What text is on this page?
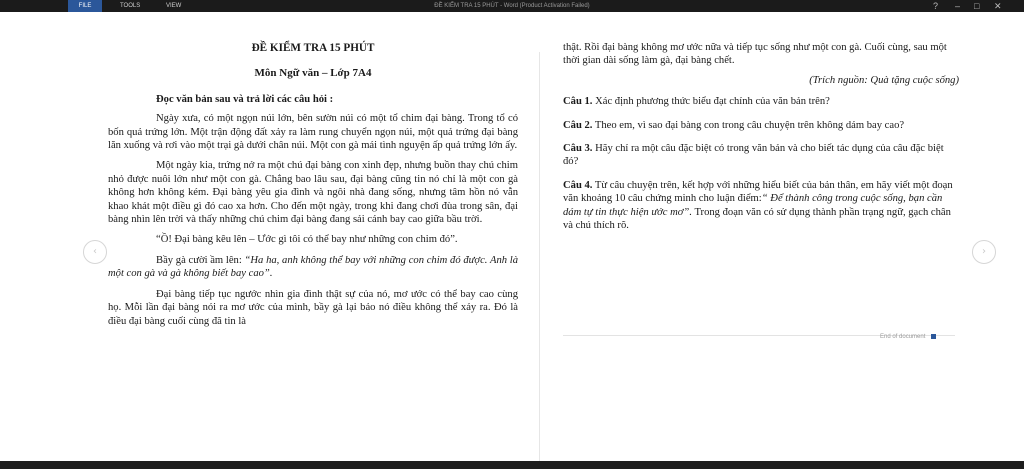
FILE	TOOLS	VIEW	ĐỀ KIỂM TRA 15 PHÚT - Word (Product Activation Failed)	? – □ ✕
ĐỀ KIỂM TRA 15 PHÚT
Môn Ngữ văn – Lớp 7A4
Đọc văn bản sau và trả lời các câu hỏi :
Ngày xưa, có một ngọn núi lớn, bên sườn núi có một tổ chim đại bàng. Trong tổ có bốn quả trứng lớn. Một trận động đất xảy ra làm rung chuyển ngọn núi, một quả trứng đại bàng lăn xuống và rơi vào một trại gà dưới chân núi. Một con gà mái tình nguyện ấp quả trứng lớn ấy.
Một ngày kia, trứng nở ra một chú đại bàng con xinh đẹp, nhưng buồn thay chú chim nhỏ được nuôi lớn như một con gà. Chẳng bao lâu sau, đại bàng cũng tin nó chỉ là một con gà không hơn không kém. Đại bàng yêu gia đình và ngôi nhà đang sống, nhưng tâm hồn nó vẫn khao khát một điều gì đó cao xa hơn. Cho đến một ngày, trong khi đang chơi đùa trong sân, đại bàng nhìn lên trời và thấy những chú chim đại bàng đang sải cánh bay cao giữa bầu trời.
“Ồ! Đại bàng kêu lên – Ước gì tôi có thể bay như những con chim đó”.
Bầy gà cười ầm lên: “Ha ha, anh không thể bay với những con chim đó được. Anh là một con gà và gà không biết bay cao”.
Đại bàng tiếp tục ngước nhìn gia đình thật sự của nó, mơ ước có thể bay cao cùng họ. Mỗi lần đại bàng nói ra mơ ước của mình, bầy gà lại bảo nó điều không thể xảy ra. Đó là điều đại bàng cuối cùng đã tin là
thật. Rồi đại bàng không mơ ước nữa và tiếp tục sống như một con gà. Cuối cùng, sau một thời gian dài sống làm gà, đại bàng chết.
(Trích nguồn: Quà tặng cuộc sống)
Câu 1. Xác định phương thức biểu đạt chính của văn bản trên?
Câu 2. Theo em, vì sao đại bàng con trong câu chuyện trên không dám bay cao?
Câu 3. Hãy chỉ ra một câu đặc biệt có trong văn bản và cho biết tác dụng của câu đặc biệt đó?
Câu 4. Từ câu chuyện trên, kết hợp với những hiểu biết của bản thân, em hãy viết một đoạn văn khoảng 10 câu chứng minh cho luận điểm:“ Để thành công trong cuộc sống, bạn cần dám tự tin thực hiện ước mơ”. Trong đoạn văn có sử dụng thành phần trạng ngữ, gạch chân và chú thích rõ.
End of document
‹	›
